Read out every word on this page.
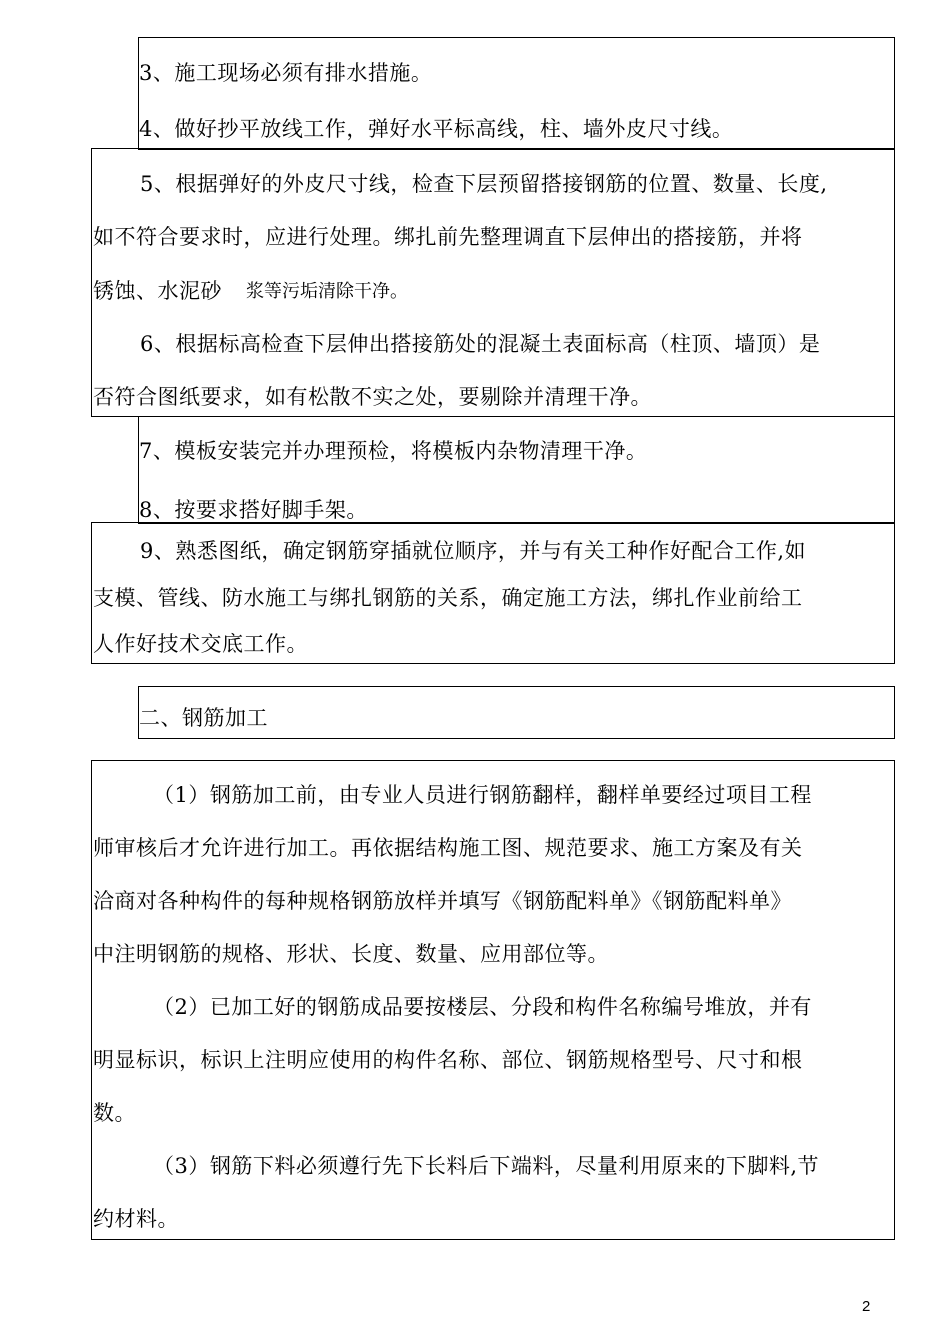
3、施工现场必须有排水措施。
4、做好抄平放线工作，弹好水平标高线，柱、墙外皮尺寸线。
5、根据弹好的外皮尺寸线，检查下层预留搭接钢筋的位置、数量、长度,
如不符合要求时，应进行处理。绑扎前先整理调直下层伸出的搭接筋，并将
锈蚀、水泥砂 浆等污垢清除干净。
6、根据标高检查下层伸出搭接筋处的混凝土表面标高（柱顶、墙顶）是
否符合图纸要求，如有松散不实之处，要剔除并清理干净。
7、模板安装完并办理预检，将模板内杂物清理干净。
8、按要求搭好脚手架。
9、熟悉图纸，确定钢筋穿插就位顺序，并与有关工种作好配合工作,如
支模、管线、防水施工与绑扎钢筋的关系，确定施工方法，绑扎作业前给工
人作好技术交底工作。
二、钢筋加工
（1）钢筋加工前，由专业人员进行钢筋翻样，翻样单要经过项目工程
师审核后才允许进行加工。再依据结构施工图、规范要求、施工方案及有关
洽商对各种构件的每种规格钢筋放样并填写《钢筋配料单》《钢筋配料单》
中注明钢筋的规格、形状、长度、数量、应用部位等。
（2）已加工好的钢筋成品要按楼层、分段和构件名称编号堆放，并有
明显标识，标识上注明应使用的构件名称、部位、钢筋规格型号、尺寸和根
数。
（3）钢筋下料必须遵行先下长料后下端料，尽量利用原来的下脚料,节
约材料。
2
